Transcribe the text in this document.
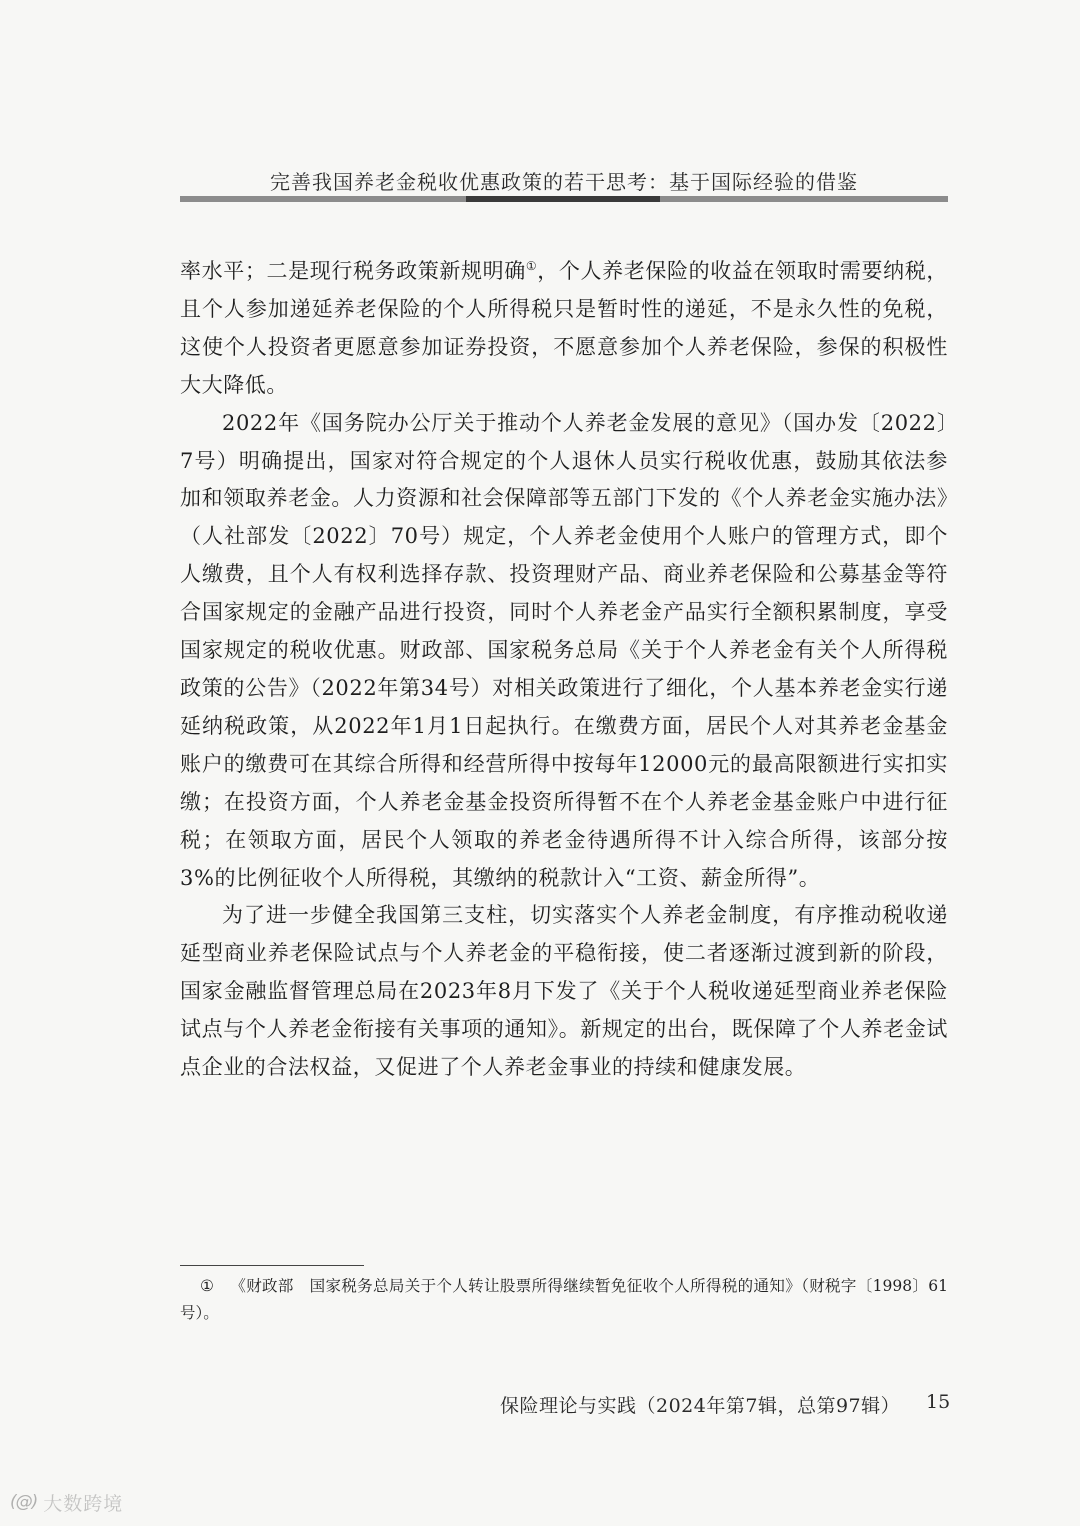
完善我国养老金税收优惠政策的若干思考：基于国际经验的借鉴

率水平；二是现行税务政策新规明确①，个人养老保险的收益在领取时需要纳税，且个人参加递延养老保险的个人所得税只是暂时性的递延，不是永久性的免税，这使个人投资者更愿意参加证券投资，不愿意参加个人养老保险，参保的积极性大大降低。

2022年《国务院办公厅关于推动个人养老金发展的意见》（国办发〔2022〕7号）明确提出，国家对符合规定的个人退休人员实行税收优惠，鼓励其依法参加和领取养老金。人力资源和社会保障部等五部门下发的《个人养老金实施办法》（人社部发〔2022〕70号）规定，个人养老金使用个人账户的管理方式，即个人缴费，且个人有权利选择存款、投资理财产品、商业养老保险和公募基金等符合国家规定的金融产品进行投资，同时个人养老金产品实行全额积累制度，享受国家规定的税收优惠。财政部、国家税务总局《关于个人养老金有关个人所得税政策的公告》（2022年第34号）对相关政策进行了细化，个人基本养老金实行递延纳税政策，从2022年1月1日起执行。在缴费方面，居民个人对其养老金基金账户的缴费可在其综合所得和经营所得中按每年12000元的最高限额进行实扣实缴；在投资方面，个人养老金基金投资所得暂不在个人养老金基金账户中进行征税；在领取方面，居民个人领取的养老金待遇所得不计入综合所得，该部分按3%的比例征收个人所得税，其缴纳的税款计入“工资、薪金所得”。

为了进一步健全我国第三支柱，切实落实个人养老金制度，有序推动税收递延型商业养老保险试点与个人养老金的平稳衔接，使二者逐渐过渡到新的阶段，国家金融监督管理总局在2023年8月下发了《关于个人税收递延型商业养老保险试点与个人养老金衔接有关事项的通知》。新规定的出台，既保障了个人养老金试点企业的合法权益，又促进了个人养老金事业的持续和健康发展。

① 《财政部　国家税务总局关于个人转让股票所得继续暂免征收个人所得税的通知》（财税字〔1998〕61号）。
保险理论与实践（2024年第7辑，总第97辑） 15
(@) 大数跨境
